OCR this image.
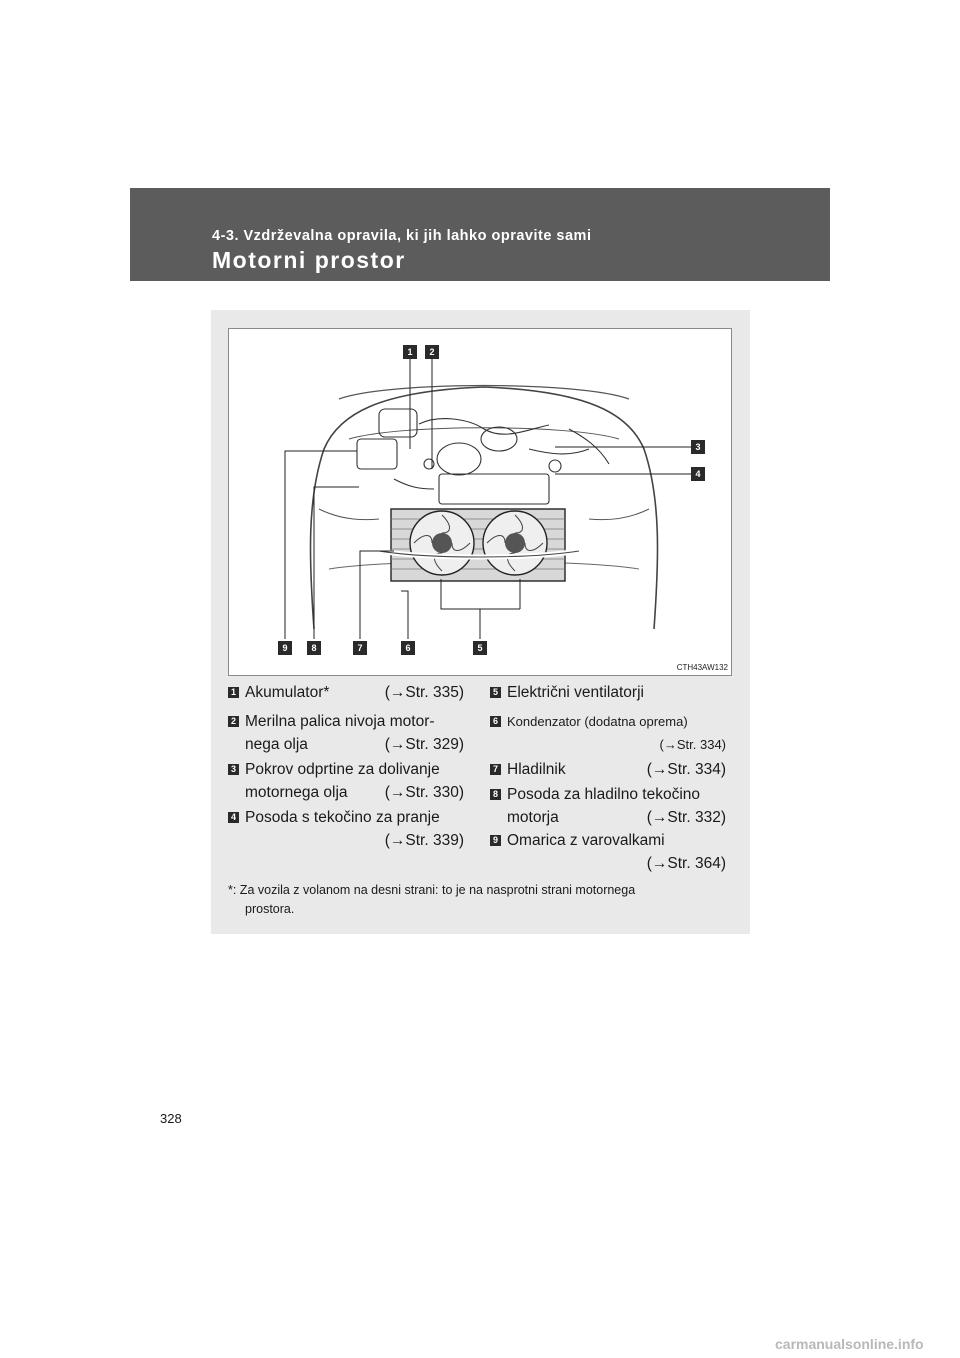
4-3. Vzdrževalna opravila, ki jih lahko opravite sami
Motorni prostor
1 2
3
4
5
6
7
8
9
CTH43AW132
1 Akumulator*	(→Str. 335)
2 Merilna palica nivoja motor-
nega olja	(→Str. 329)
3 Pokrov odprtine za dolivanje
motornega olja (→Str. 330)
4 Posoda s tekočino za pranje
(→Str. 339)
5 Električni ventilatorji
6 Kondenzator (dodatna oprema)
(→Str. 334)
7 Hladilnik	(→Str. 334)
8 Posoda za hladilno tekočino
motorja	(→Str. 332)
9 Omarica z varovalkami
(→Str. 364)
*: Za vozila z volanom na desni strani: to je na nasprotni strani motornega
prostora.
328
carmanualsonline.info
